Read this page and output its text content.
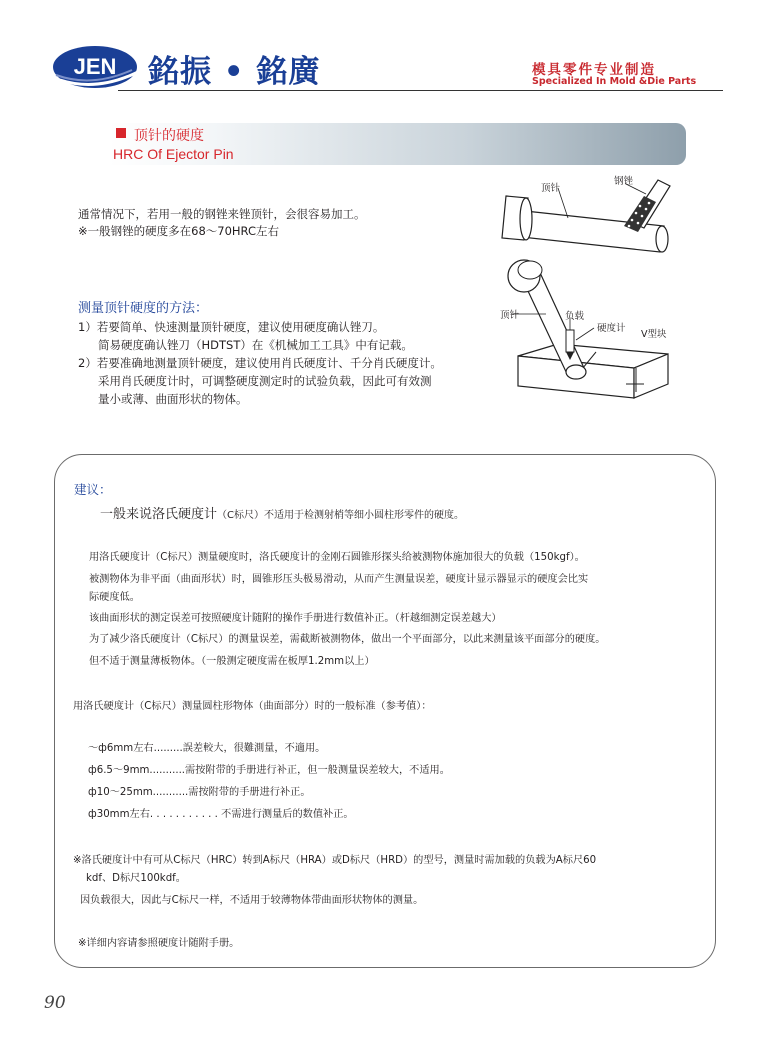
JEN 銘振 • 銘廣	模具零件专业制造
Specialized In Mold &Die Parts
顶针的硬度
HRC Of Ejector Pin
通常情况下，若用一般的钢锉来锉顶针，会很容易加工。
※一般钢锉的硬度多在68～70HRC左右
顶针
钢锉
顶针	负载
硬度计
V型块
测量顶针硬度的方法：
1）若要简单、快速测量顶针硬度，建议使用硬度确认锉刀。
简易硬度确认锉刀（HDTST）在《机械加工工具》中有记载。
2）若要准确地测量顶针硬度，建议使用肖氏硬度计、千分肖氏硬度计。
采用肖氏硬度计时，可调整硬度测定时的试验负载，因此可有效测
量小或薄、曲面形状的物体。
建议：
一般来说洛氏硬度计（C标尺）不适用于检测射梢等细小圆柱形零件的硬度。
用洛氏硬度计（C标尺）测量硬度时，洛氏硬度计的金刚石圆锥形探头给被测物体施加很大的负载（150kgf）。
被测物体为非平面（曲面形状）时，圆锥形压头极易滑动，从而产生测量误差，硬度计显示器显示的硬度会比实
际硬度低。
该曲面形状的测定误差可按照硬度计随附的操作手册进行数值补正。（杆越细测定误差越大）
为了减少洛氏硬度计（C标尺）的测量误差，需截断被测物体，做出一个平面部分，以此来测量该平面部分的硬度。
但不适于测量薄板物体。（一般测定硬度需在板厚1.2mm以上）
用洛氏硬度计（C标尺）测量圆柱形物体（曲面部分）时的一般标准（参考值）：
～ф6mm左右.........誤差較大，很難測量，不適用。
ф6.5～9mm...........需按附带的手册进行补正，但一般测量误差较大，不适用。
ф10～25mm...........需按附带的手册进行补正。
ф30mm左右. . . . . . . . . . . 不需进行测量后的数值补正。
※洛氏硬度计中有可从C标尺（HRC）转到A标尺（HRA）或D标尺（HRD）的型号，测量时需加载的负载为A标尺60
kdf、D标尺100kdf。
因负载很大，因此与C标尺一样，不适用于较薄物体带曲面形状物体的测量。
※详细内容请参照硬度计随附手册。
90
